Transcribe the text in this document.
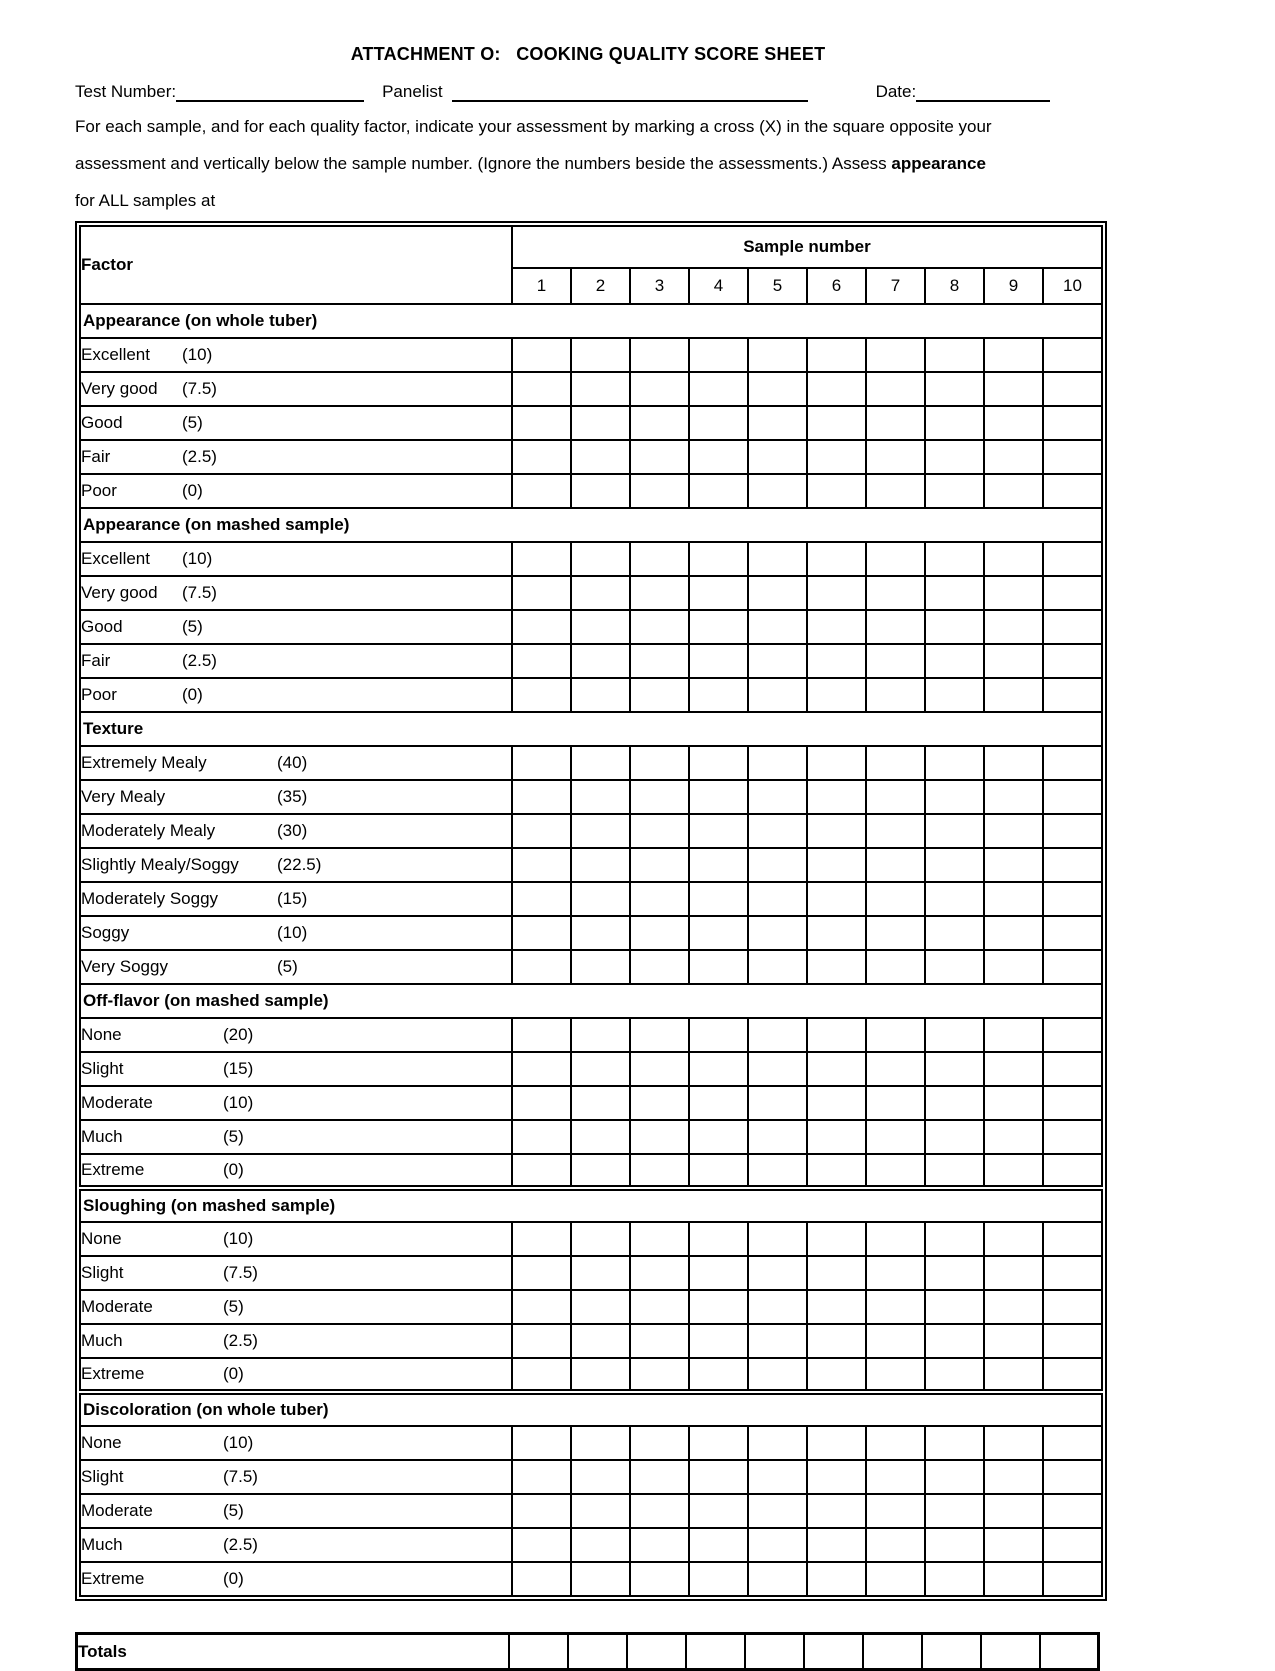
ATTACHMENT O:   COOKING QUALITY SCORE SHEET
Test Number:	Panelist	Date:
For each sample, and for each quality factor, indicate your assessment by marking a cross (X) in the square opposite your
assessment and vertically below the sample number. (Ignore the numbers beside the assessments.) Assess appearance
for ALL samples at
Factor	Sample number									
	1	2	3	4	5	6	7	8	9	10
Appearance (on whole tuber)										
Excellent (10)										
Very good (7.5)										
Good (5)										
Fair (2.5)										
Poor (0)										
Appearance (on mashed sample)										
Excellent (10)										
Very good (7.5)										
Good (5)										
Fair (2.5)										
Poor (0)										
Texture										
Extremely Mealy (40)										
Very Mealy (35)										
Moderately Mealy (30)										
Slightly Mealy/Soggy (22.5)										
Moderately Soggy (15)										
Soggy (10)										
Very Soggy (5)										
Off-flavor (on mashed sample)										
None (20)										
Slight (15)										
Moderate (10)										
Much (5)										
Extreme (0)										
Sloughing (on mashed sample)										
None (10)										
Slight (7.5)										
Moderate (5)										
Much (2.5)										
Extreme (0)										
Discoloration (on whole tuber)										
None (10)										
Slight (7.5)										
Moderate (5)										
Much (2.5)										
Extreme (0)										
Totals										
